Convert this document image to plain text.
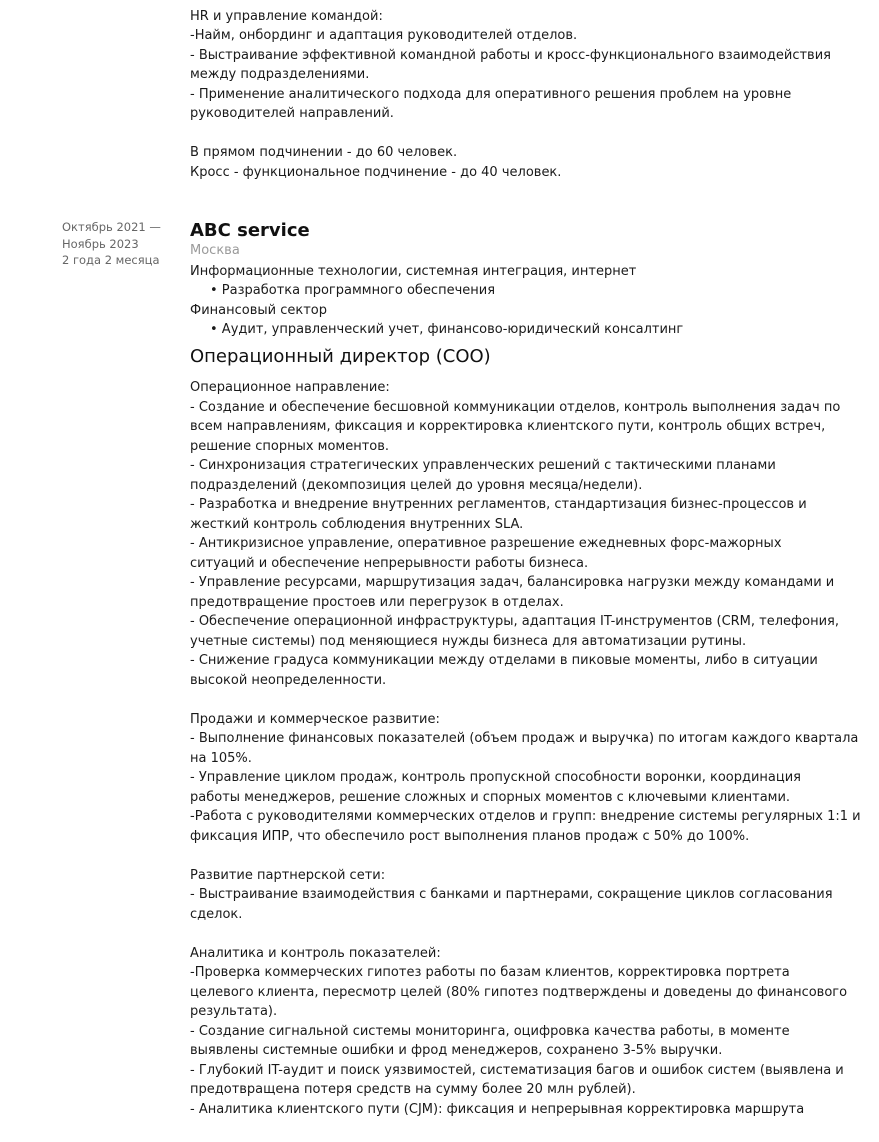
HR и управление командой:
-Найм, онбординг и адаптация руководителей отделов.
- Выстраивание эффективной командной работы и кросс-функционального взаимодействия
между подразделениями.
- Применение аналитического подхода для оперативного решения проблем на уровне
руководителей направлений.
В прямом подчинении - до 60 человек.
Кросс - функциональное подчинение - до 40 человек.
Октябрь 2021 —
Ноябрь 2023
2 года 2 месяца
ABC service
Москва
Информационные технологии, системная интеграция, интернет
• Разработка программного обеспечения
Финансовый сектор
• Аудит, управленческий учет, финансово-юридический консалтинг
Операционный директор (COO)
Операционное направление:
- Создание и обеспечение бесшовной коммуникации отделов, контроль выполнения задач по
всем направлениям, фиксация и корректировка клиентского пути, контроль общих встреч,
решение спорных моментов.
- Синхронизация стратегических управленческих решений с тактическими планами
подразделений (декомпозиция целей до уровня месяца/недели).
- Разработка и внедрение внутренних регламентов, стандартизация бизнес-процессов и
жесткий контроль соблюдения внутренних SLA.
- Антикризисное управление, оперативное разрешение ежедневных форс-мажорных
ситуаций и обеспечение непрерывности работы бизнеса.
- Управление ресурсами, маршрутизация задач, балансировка нагрузки между командами и
предотвращение простоев или перегрузок в отделах.
- Обеспечение операционной инфраструктуры, адаптация IT-инструментов (CRM, телефония,
учетные системы) под меняющиеся нужды бизнеса для автоматизации рутины.
- Снижение градуса коммуникации между отделами в пиковые моменты, либо в ситуации
высокой неопределенности.
Продажи и коммерческое развитие:
- Выполнение финансовых показателей (объем продаж и выручка) по итогам каждого квартала
на 105%.
- Управление циклом продаж, контроль пропускной способности воронки, координация
работы менеджеров, решение сложных и спорных моментов с ключевыми клиентами.
-Работа с руководителями коммерческих отделов и групп: внедрение системы регулярных 1:1 и
фиксация ИПР, что обеспечило рост выполнения планов продаж с 50% до 100%.
Развитие партнерской сети:
- Выстраивание взаимодействия с банками и партнерами, сокращение циклов согласования
сделок.
Аналитика и контроль показателей:
-Проверка коммерческих гипотез работы по базам клиентов, корректировка портрета
целевого клиента, пересмотр целей (80% гипотез подтверждены и доведены до финансового
результата).
- Создание сигнальной системы мониторинга, оцифровка качества работы, в моменте
выявлены системные ошибки и фрод менеджеров, сохранено 3-5% выручки.
- Глубокий IT-аудит и поиск уязвимостей, систематизация багов и ошибок систем (выявлена и
предотвращена потеря средств на сумму более 20 млн рублей).
- Аналитика клиентского пути (CJM): фиксация и непрерывная корректировка маршрута
